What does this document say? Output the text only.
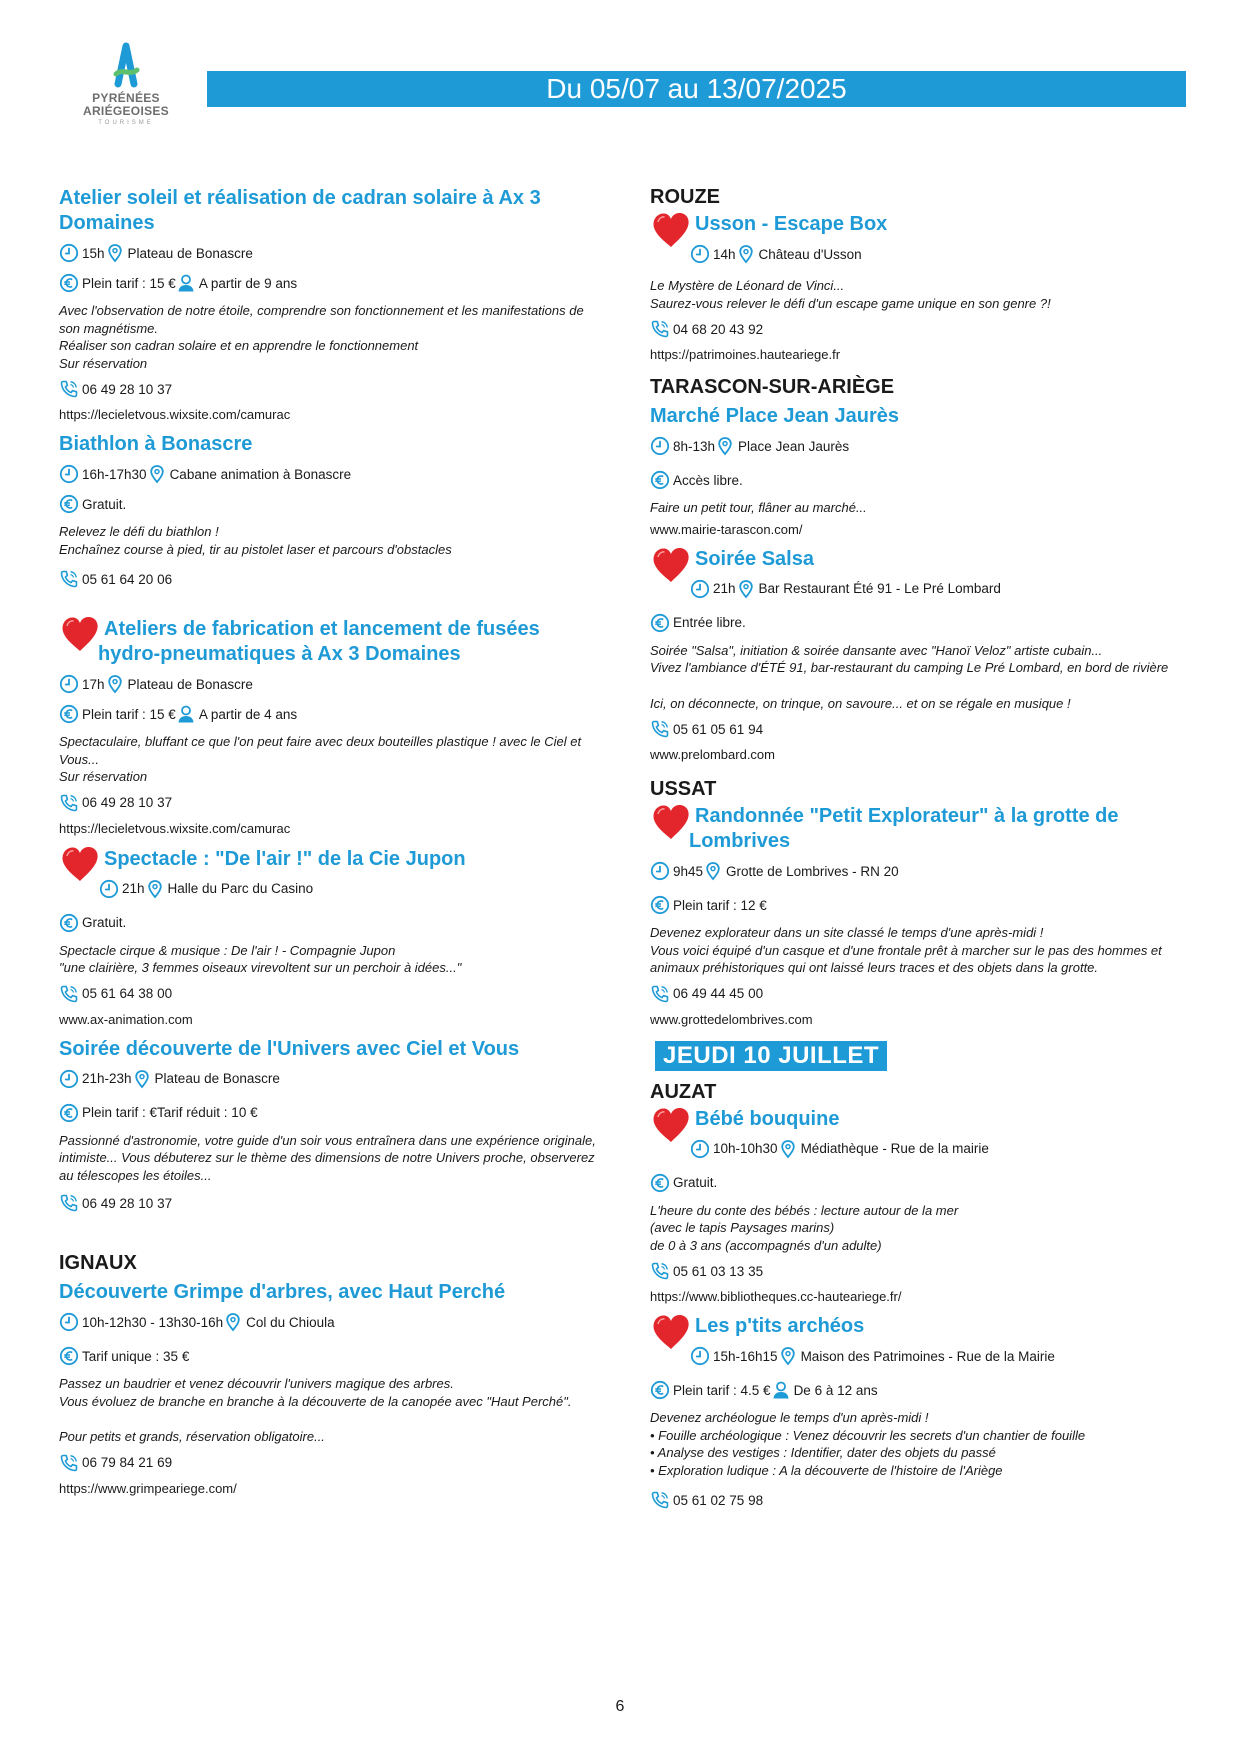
PYRÉNÉES
ARIÉGEOISES
TOURISME
Du 05/07 au 13/07/2025
Atelier soleil et réalisation de cadran solaire à Ax 3 Domaines
15h Plateau de Bonascre
Plein tarif : 15 € A partir de 9 ans
Avec l'observation de notre étoile, comprendre son fonctionnement et les manifestations de son magnétisme.
Réaliser son cadran solaire et en apprendre le fonctionnement
Sur réservation
06 49 28 10 37
https://lecieletvous.wixsite.com/camurac
Biathlon à Bonascre
16h-17h30 Cabane animation à Bonascre
Gratuit.
Relevez le défi du biathlon !
Enchaînez course à pied, tir au pistolet laser et parcours d'obstacles
05 61 64 20 06
Ateliers de fabrication et lancement de fusées
hydro-pneumatiques à Ax 3 Domaines
17h Plateau de Bonascre
Plein tarif : 15 € A partir de 4 ans
Spectaculaire, bluffant ce que l'on peut faire avec deux bouteilles plastique ! avec le Ciel et Vous...
Sur réservation
06 49 28 10 37
https://lecieletvous.wixsite.com/camurac
Spectacle : "De l'air !" de la Cie Jupon
21h Halle du Parc du Casino
Gratuit.
Spectacle cirque & musique : De l'air ! - Compagnie Jupon
"une clairière, 3 femmes oiseaux virevoltent sur un perchoir à idées..."
05 61 64 38 00
www.ax-animation.com
Soirée découverte de l'Univers avec Ciel et Vous
21h-23h Plateau de Bonascre
Plein tarif : €Tarif réduit : 10 €
Passionné d'astronomie, votre guide d'un soir vous entraînera dans une expérience originale, intimiste... Vous débuterez sur le thème des dimensions de notre Univers proche, observerez au télescopes les étoiles...
06 49 28 10 37
IGNAUX
Découverte Grimpe d'arbres, avec Haut Perché
10h-12h30 - 13h30-16h Col du Chioula
Tarif unique : 35 €
Passez un baudrier et venez découvrir l'univers magique des arbres.
Vous évoluez de branche en branche à la découverte de la canopée avec "Haut Perché".
Pour petits et grands, réservation obligatoire...
06 79 84 21 69
https://www.grimpeariege.com/
ROUZE
Usson - Escape Box
14h Château d'Usson
Le Mystère de Léonard de Vinci...
Saurez-vous relever le défi d'un escape game unique en son genre ?!
04 68 20 43 92
https://patrimoines.hauteariege.fr
TARASCON-SUR-ARIÈGE
Marché Place Jean Jaurès
8h-13h Place Jean Jaurès
Accès libre.
Faire un petit tour, flâner au marché...
www.mairie-tarascon.com/
Soirée Salsa
21h Bar Restaurant Été 91 - Le Pré Lombard
Entrée libre.
Soirée "Salsa", initiation & soirée dansante avec "Hanoï Veloz" artiste cubain...
Vivez l'ambiance d'ÉTÉ 91, bar-restaurant du camping Le Pré Lombard, en bord de rivière
Ici, on déconnecte, on trinque, on savoure... et on se régale en musique !
05 61 05 61 94
www.prelombard.com
USSAT
Randonnée "Petit Explorateur" à la grotte de
Lombrives
9h45 Grotte de Lombrives - RN 20
Plein tarif : 12 €
Devenez explorateur dans un site classé le temps d'une après-midi !
Vous voici équipé d'un casque et d'une frontale prêt à marcher sur le pas des hommes et animaux préhistoriques qui ont laissé leurs traces et des objets dans la grotte.
06 49 44 45 00
www.grottedelombrives.com
JEUDI 10 JUILLET
AUZAT
Bébé bouquine
10h-10h30 Médiathèque - Rue de la mairie
Gratuit.
L'heure du conte des bébés : lecture autour de la mer
(avec le tapis Paysages marins)
de 0 à 3 ans (accompagnés d'un adulte)
05 61 03 13 35
https://www.bibliotheques.cc-hauteariege.fr/
Les p'tits archéos
15h-16h15 Maison des Patrimoines - Rue de la Mairie
Plein tarif : 4.5 € De 6 à 12 ans
Devenez archéologue le temps d'un après-midi !
• Fouille archéologique : Venez découvrir les secrets d'un chantier de fouille
• Analyse des vestiges : Identifier, dater des objets du passé
• Exploration ludique : A la découverte de l'histoire de l'Ariège
05 61 02 75 98
6
